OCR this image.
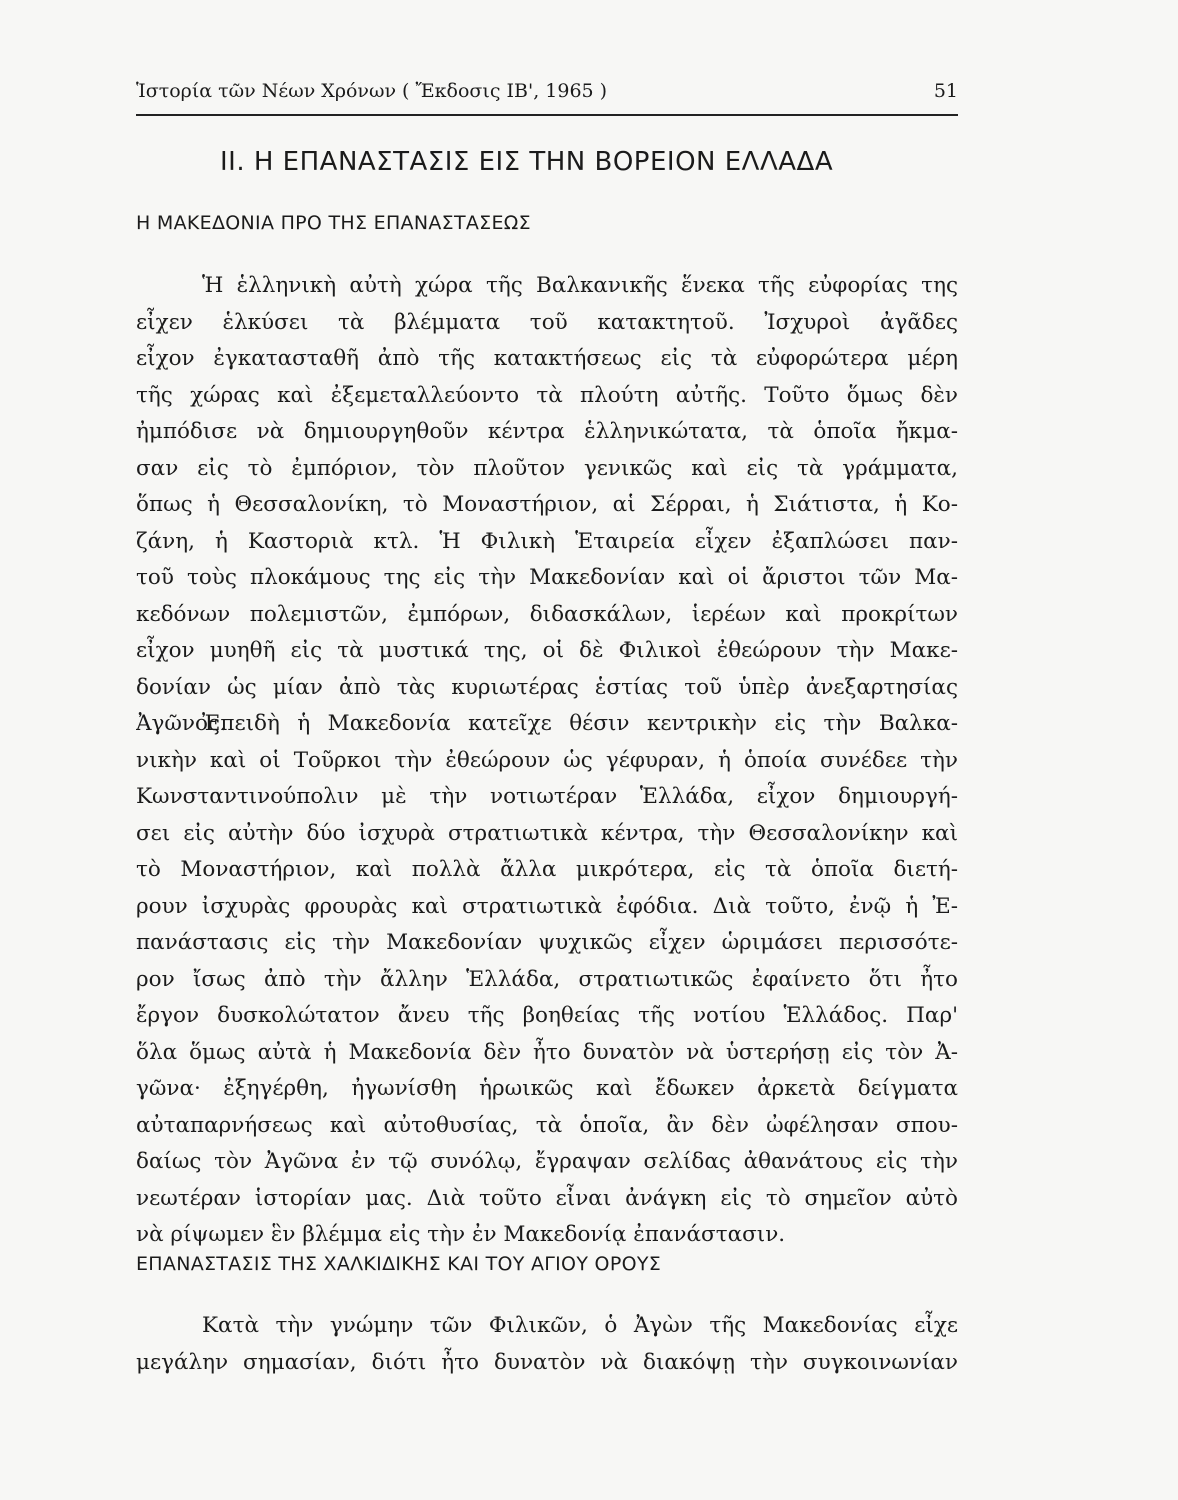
Ἱστορία τῶν Νέων Χρόνων ( Ἔκδοσις ΙΒ', 1965 )	51
ΙΙ. Η ΕΠΑΝΑΣΤΑΣΙΣ ΕΙΣ ΤΗΝ ΒΟΡΕΙΟΝ ΕΛΛΑΔΑ
Η ΜΑΚΕΔΟΝΙΑ ΠΡΟ ΤΗΣ ΕΠΑΝΑΣΤΑΣΕΩΣ
Ἡ ἑλληνικὴ αὐτὴ χώρα τῆς Βαλκανικῆς ἕνεκα τῆς εὐφορίας της
εἶχεν ἑλκύσει τὰ βλέμματα τοῦ κατακτητοῦ. Ἰσχυροὶ ἀγᾶδες
εἶχον ἐγκατασταθῆ ἀπὸ τῆς κατακτήσεως εἰς τὰ εὐφορώτερα μέρη
τῆς χώρας καὶ ἐξεμεταλλεύοντο τὰ πλούτη αὐτῆς. Τοῦτο ὅμως δὲν
ἠμπόδισε νὰ δημιουργηθοῦν κέντρα ἑλληνικώτατα, τὰ ὁποῖα ἤκμα-
σαν εἰς τὸ ἐμπόριον, τὸν πλοῦτον γενικῶς καὶ εἰς τὰ γράμματα,
ὅπως ἡ Θεσσαλονίκη, τὸ Μοναστήριον, αἱ Σέρραι, ἡ Σιάτιστα, ἡ Κο-
ζάνη, ἡ Καστοριὰ κτλ. Ἡ Φιλικὴ Ἑταιρεία εἶχεν ἐξαπλώσει παν-
τοῦ τοὺς πλοκάμους της εἰς τὴν Μακεδονίαν καὶ οἱ ἄριστοι τῶν Μα-
κεδόνων πολεμιστῶν, ἐμπόρων, διδασκάλων, ἱερέων καὶ προκρίτων
εἶχον μυηθῆ εἰς τὰ μυστικά της, οἱ δὲ Φιλικοὶ ἐθεώρουν τὴν Μακε-
δονίαν ὡς μίαν ἀπὸ τὰς κυριωτέρας ἑστίας τοῦ ὑπὲρ ἀνεξαρτησίας
Ἀγῶνος.
Ἐπειδὴ ἡ Μακεδονία κατεῖχε θέσιν κεντρικὴν εἰς τὴν Βαλκα-
νικὴν καὶ οἱ Τοῦρκοι τὴν ἐθεώρουν ὡς γέφυραν, ἡ ὁποία συνέδεε τὴν
Κωνσταντινούπολιν μὲ τὴν νοτιωτέραν Ἑλλάδα, εἶχον δημιουργή-
σει εἰς αὐτὴν δύο ἰσχυρὰ στρατιωτικὰ κέντρα, τὴν Θεσσαλονίκην καὶ
τὸ Μοναστήριον, καὶ πολλὰ ἄλλα μικρότερα, εἰς τὰ ὁποῖα διετή-
ρουν ἰσχυρὰς φρουρὰς καὶ στρατιωτικὰ ἐφόδια. Διὰ τοῦτο, ἐνῷ ἡ Ἐ-
πανάστασις εἰς τὴν Μακεδονίαν ψυχικῶς εἶχεν ὡριμάσει περισσότε-
ρον ἴσως ἀπὸ τὴν ἄλλην Ἑλλάδα, στρατιωτικῶς ἐφαίνετο ὅτι ἦτο
ἔργον δυσκολώτατον ἄνευ τῆς βοηθείας τῆς νοτίου Ἑλλάδος. Παρ'
ὅλα ὅμως αὐτὰ ἡ Μακεδονία δὲν ἦτο δυνατὸν νὰ ὑστερήσῃ εἰς τὸν Ἀ-
γῶνα· ἐξηγέρθη, ἠγωνίσθη ἡρωικῶς καὶ ἔδωκεν ἀρκετὰ δείγματα
αὐταπαρνήσεως καὶ αὐτοθυσίας, τὰ ὁποῖα, ἂν δὲν ὠφέλησαν σπου-
δαίως τὸν Ἀγῶνα ἐν τῷ συνόλῳ, ἔγραψαν σελίδας ἀθανάτους εἰς τὴν
νεωτέραν ἱστορίαν μας. Διὰ τοῦτο εἶναι ἀνάγκη εἰς τὸ σημεῖον αὐτὸ
νὰ ρίψωμεν ἓν βλέμμα εἰς τὴν ἐν Μακεδονίᾳ ἐπανάστασιν.
ΕΠΑΝΑΣΤΑΣΙΣ ΤΗΣ ΧΑΛΚΙΔΙΚΗΣ ΚΑΙ ΤΟΥ ΑΓΙΟΥ ΟΡΟΥΣ
Κατὰ τὴν γνώμην τῶν Φιλικῶν, ὁ Ἀγὼν τῆς Μακεδονίας εἶχε
μεγάλην σημασίαν, διότι ἦτο δυνατὸν νὰ διακόψῃ τὴν συγκοινωνίαν
